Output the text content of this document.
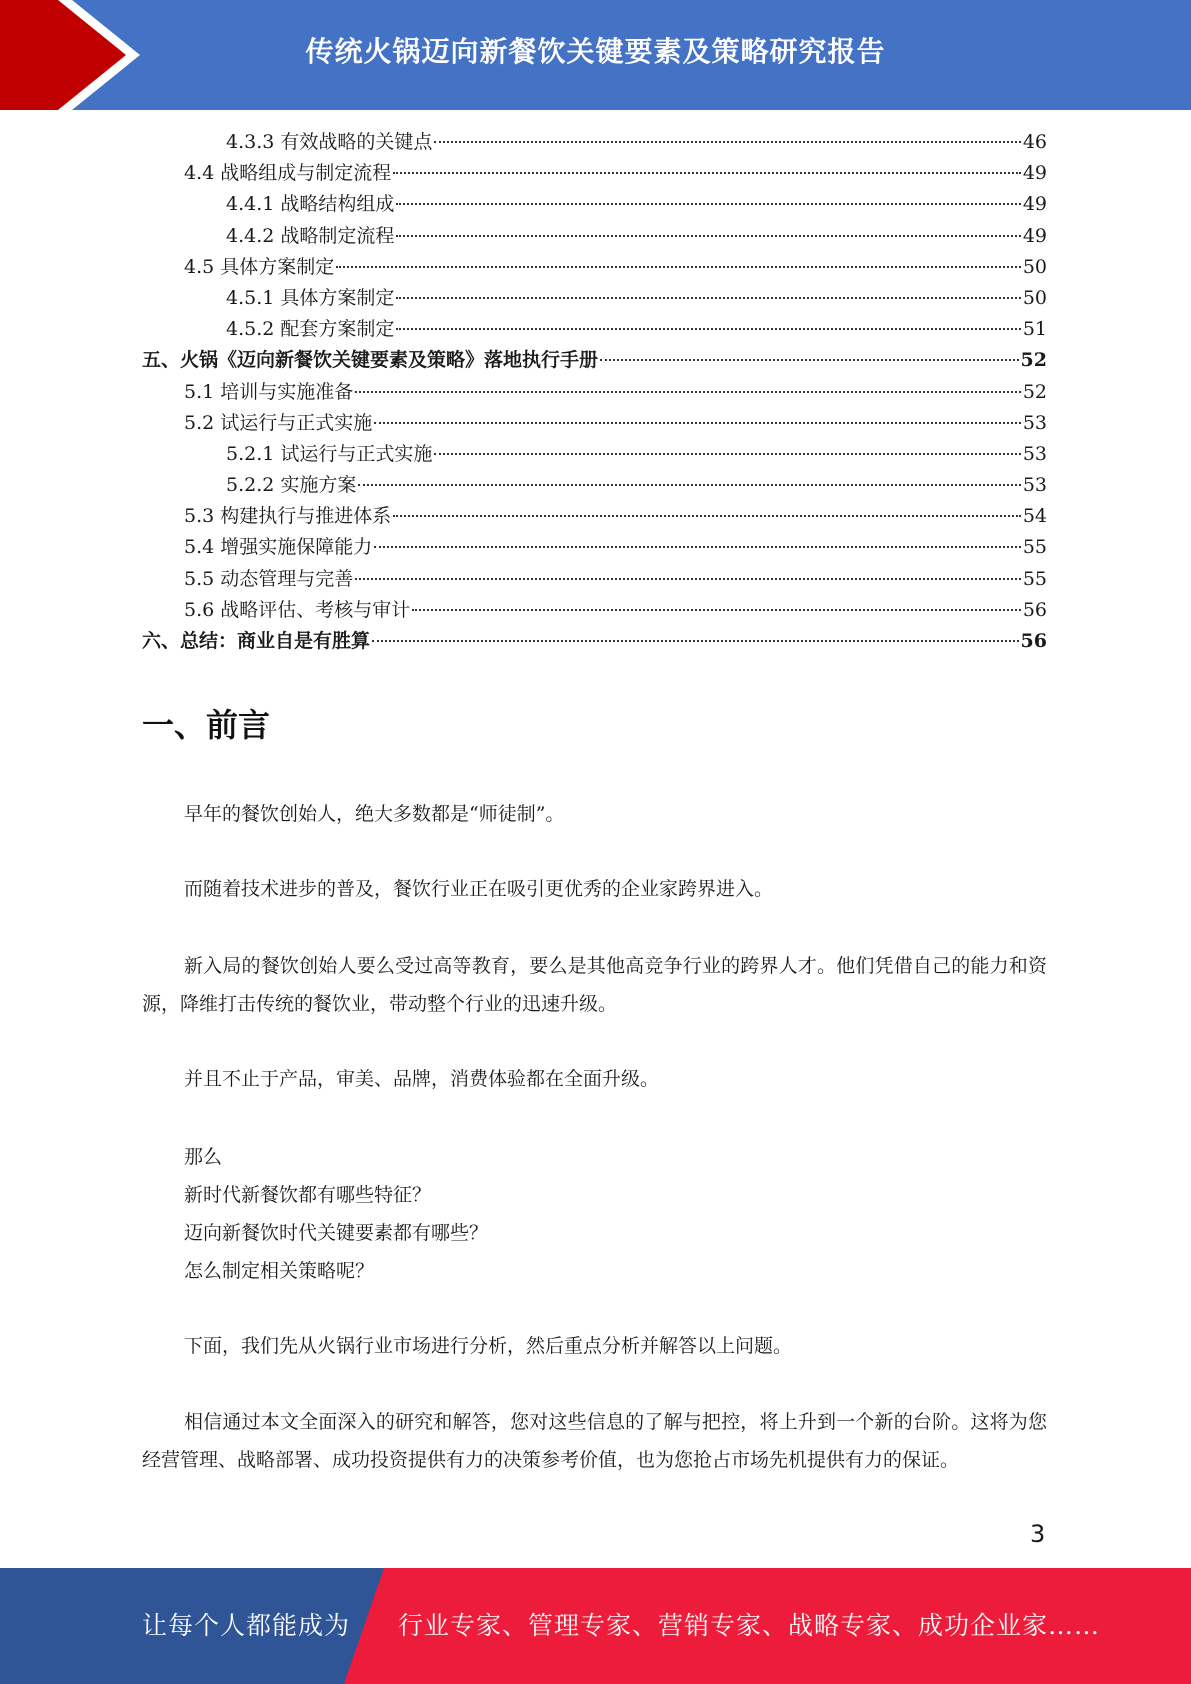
传统火锅迈向新餐饮关键要素及策略研究报告
4.3.3 有效战略的关键点	46
4.4 战略组成与制定流程	49
4.4.1 战略结构组成	49
4.4.2 战略制定流程	49
4.5 具体方案制定	50
4.5.1 具体方案制定	50
4.5.2 配套方案制定	51
五、火锅《迈向新餐饮关键要素及策略》落地执行手册	52
5.1 培训与实施准备	52
5.2 试运行与正式实施	53
5.2.1 试运行与正式实施	53
5.2.2 实施方案	53
5.3 构建执行与推进体系	54
5.4 增强实施保障能力	55
5.5 动态管理与完善	55
5.6 战略评估、考核与审计	56
六、总结：商业自是有胜算	56
一、前言

早年的餐饮创始人，绝大多数都是“师徒制”。

而随着技术进步的普及，餐饮行业正在吸引更优秀的企业家跨界进入。

新入局的餐饮创始人要么受过高等教育，要么是其他高竞争行业的跨界人才。他们凭借自己的能力和资源，降维打击传统的餐饮业，带动整个行业的迅速升级。

并且不止于产品，审美、品牌，消费体验都在全面升级。

那么
新时代新餐饮都有哪些特征？
迈向新餐饮时代关键要素都有哪些？
怎么制定相关策略呢？

下面，我们先从火锅行业市场进行分析，然后重点分析并解答以上问题。

相信通过本文全面深入的研究和解答，您对这些信息的了解与把控，将上升到一个新的台阶。这将为您经营管理、战略部署、成功投资提供有力的决策参考价值，也为您抢占市场先机提供有力的保证。

3
让每个人都能成为 行业专家、管理专家、营销专家、战略专家、成功企业家……
